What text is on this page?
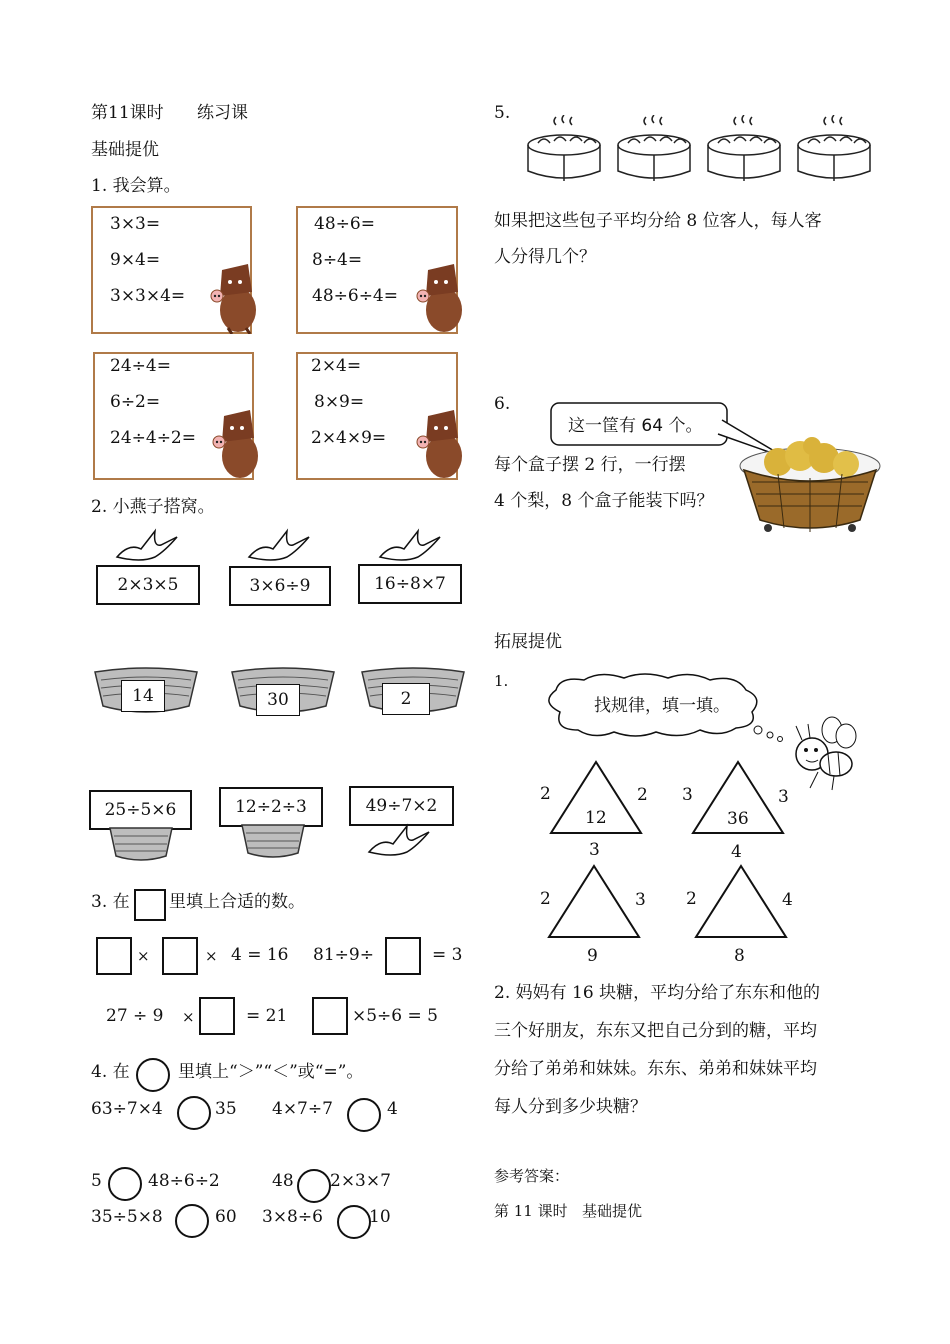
第11课时 练习课
基础提优
1. 我会算。
3×3=
9×4=
3×3×4=
48÷6=
8÷4=
48÷6÷4=
24÷4=
6÷2=
24÷4÷2=
2×4=
8×9=
2×4×9=
2. 小燕子搭窝。
2×3×5	3×6÷9	16÷8×7
14	30	2
25÷5×6	12÷2÷3	49÷7×2
3. 在 里填上合适的数。
×	× 4 = 16 81÷9÷	= 3
27 ÷ 9 ×	= 21	×5÷6 = 5
4. 在	里填上“＞”“＜”或“=”。
63÷7×4	35 4×7÷7	4
5	48÷6÷2	48 2×3×7
35÷5×8	60 3×8÷6	10
5.
如果把这些包子平均分给 8 位客人，每人客
人分得几个？
6.
这一筐有 64 个。
每个盒子摆 2 行，一行摆
4 个梨，8 个盒子能装下吗？
拓展提优
1.
找规律，填一填。
2	2
12
3
3	3
36
4
2	3
9
2	4
8
2. 妈妈有 16 块糖，平均分给了东东和他的
三个好朋友，东东又把自己分到的糖，平均
分给了弟弟和妹妹。东东、弟弟和妹妹平均
每人分到多少块糖？
参考答案：
第 11 课时 基础提优
